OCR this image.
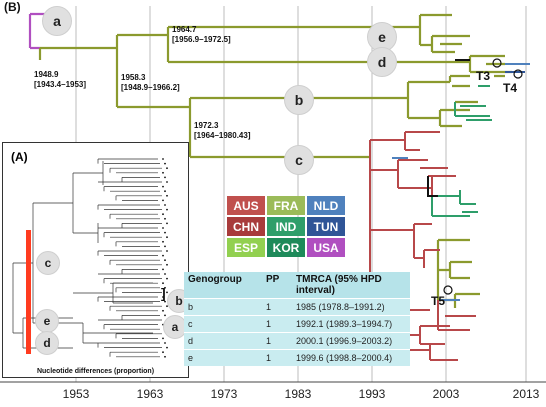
(B)
1948.9
[1943.4–1953]
1958.3
[1948.9–1966.2]
1964.7
[1956.9–1972.5]
1972.3
[1964–1980.43]
a
b
c
e
d
T3
T4
T5
1953	1963	1973	1983	1993	2003	2013
AUS	FRA	NLD
CHN	IND	TUN
ESP	KOR	USA
(A)
c
e
d
a
] b
Nucleotide differences (proportion)
Genogroup	PP	TMRCA (95% HPD interval)
b	1	1985 (1978.8–1991.2)
c	1	1992.1 (1989.3–1994.7)
d	1	2000.1 (1996.9–2003.2)
e	1	1999.6 (1998.8–2000.4)
